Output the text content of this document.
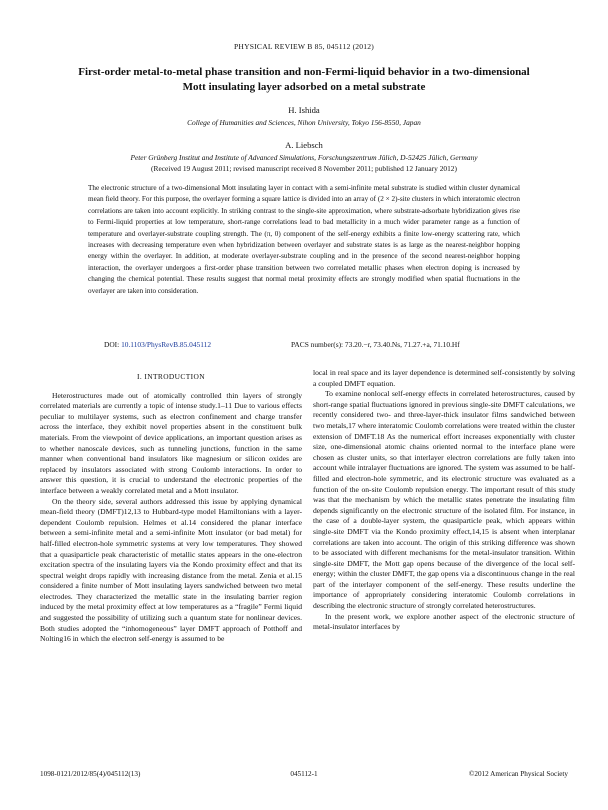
PHYSICAL REVIEW B 85, 045112 (2012)
First-order metal-to-metal phase transition and non-Fermi-liquid behavior in a two-dimensional
Mott insulating layer adsorbed on a metal substrate
H. Ishida
College of Humanities and Sciences, Nihon University, Tokyo 156-8550, Japan
A. Liebsch
Peter Grünberg Institut and Institute of Advanced Simulations, Forschungszentrum Jülich, D-52425 Jülich, Germany
(Received 19 August 2011; revised manuscript received 8 November 2011; published 12 January 2012)
The electronic structure of a two-dimensional Mott insulating layer in contact with a semi-infinite metal substrate is studied within cluster dynamical mean field theory. For this purpose, the overlayer forming a square lattice is divided into an array of (2 × 2)-site clusters in which interatomic electron correlations are taken into account explicitly. In striking contrast to the single-site approximation, where substrate-adsorbate hybridization gives rise to Fermi-liquid properties at low temperature, short-range correlations lead to bad metallicity in a much wider parameter range as a function of temperature and overlayer-substrate coupling strength. The (π, 0) component of the self-energy exhibits a finite low-energy scattering rate, which increases with decreasing temperature even when hybridization between overlayer and substrate states is as large as the nearest-neighbor hopping energy within the overlayer. In addition, at moderate overlayer-substrate coupling and in the presence of the second nearest-neighbor hopping interaction, the overlayer undergoes a first-order phase transition between two correlated metallic phases when electron doping is increased by changing the chemical potential. These results suggest that normal metal proximity effects are strongly modified when spatial fluctuations in the overlayer are taken into consideration.
DOI: 10.1103/PhysRevB.85.045112	PACS number(s): 73.20.−r, 73.40.Ns, 71.27.+a, 71.10.Hf
I. INTRODUCTION

Heterostructures made out of atomically controlled thin layers of strongly correlated materials are currently a topic of intense study.1–11 Due to various effects peculiar to multilayer systems, such as electron confinement and charge transfer across the interface, they exhibit novel properties absent in the constituent bulk materials. From the viewpoint of device applications, an important question arises as to whether nanoscale devices, such as tunneling junctions, function in the same manner when conventional band insulators like magnesium or silicon oxides are replaced by insulators associated with strong Coulomb interactions. In order to answer this question, it is crucial to understand the electronic properties of the interface between a weakly correlated metal and a Mott insulator.

On the theory side, several authors addressed this issue by applying dynamical mean-field theory (DMFT)12,13 to Hubbard-type model Hamiltonians with a layer-dependent Coulomb repulsion. Helmes et al.14 considered the planar interface between a semi-infinite metal and a semi-infinite Mott insulator (or bad metal) for half-filled electron-hole symmetric systems at very low temperatures. They showed that a quasiparticle peak characteristic of metallic states appears in the one-electron excitation spectra of the insulating layers via the Kondo proximity effect and that its spectral weight drops rapidly with increasing distance from the metal. Zenia et al.15 considered a finite number of Mott insulating layers sandwiched between two metal electrodes. They characterized the metallic state in the insulating barrier region induced by the metal proximity effect at low temperatures as a “fragile” Fermi liquid and suggested the possibility of utilizing such a quantum state for nonlinear devices. Both studies adopted the “inhomogeneous” layer DMFT approach of Potthoff and Nolting16 in which the electron self-energy is assumed to be

local in real space and its layer dependence is determined self-consistently by solving a coupled DMFT equation.

To examine nonlocal self-energy effects in correlated heterostructures, caused by short-range spatial fluctuations ignored in previous single-site DMFT calculations, we recently considered two- and three-layer-thick insulator films sandwiched between two metals,17 where interatomic Coulomb correlations were treated within the cluster extension of DMFT.18 As the numerical effort increases exponentially with cluster size, one-dimensional atomic chains oriented normal to the interface plane were chosen as cluster units, so that interlayer electron correlations are fully taken into account while intralayer fluctuations are ignored. The system was assumed to be half-filled and electron-hole symmetric, and its electronic structure was evaluated as a function of the on-site Coulomb repulsion energy. The important result of this study was that the mechanism by which the metallic states penetrate the insulating film depends significantly on the electronic structure of the isolated film. For instance, in the case of a double-layer system, the quasiparticle peak, which appears within single-site DMFT via the Kondo proximity effect,14,15 is absent when interplanar correlations are taken into account. The origin of this striking difference was shown to be associated with different mechanisms for the metal-insulator transition. Within single-site DMFT, the Mott gap opens because of the divergence of the local self-energy; within the cluster DMFT, the gap opens via a discontinuous change in the real part of the interlayer component of the self-energy. These results underline the importance of appropriately considering interatomic Coulomb correlations in describing the electronic structure of strongly correlated heterostructures.

In the present work, we explore another aspect of the electronic structure of metal-insulator interfaces by

1098-0121/2012/85(4)/045112(13)	045112-1	©2012 American Physical Society
